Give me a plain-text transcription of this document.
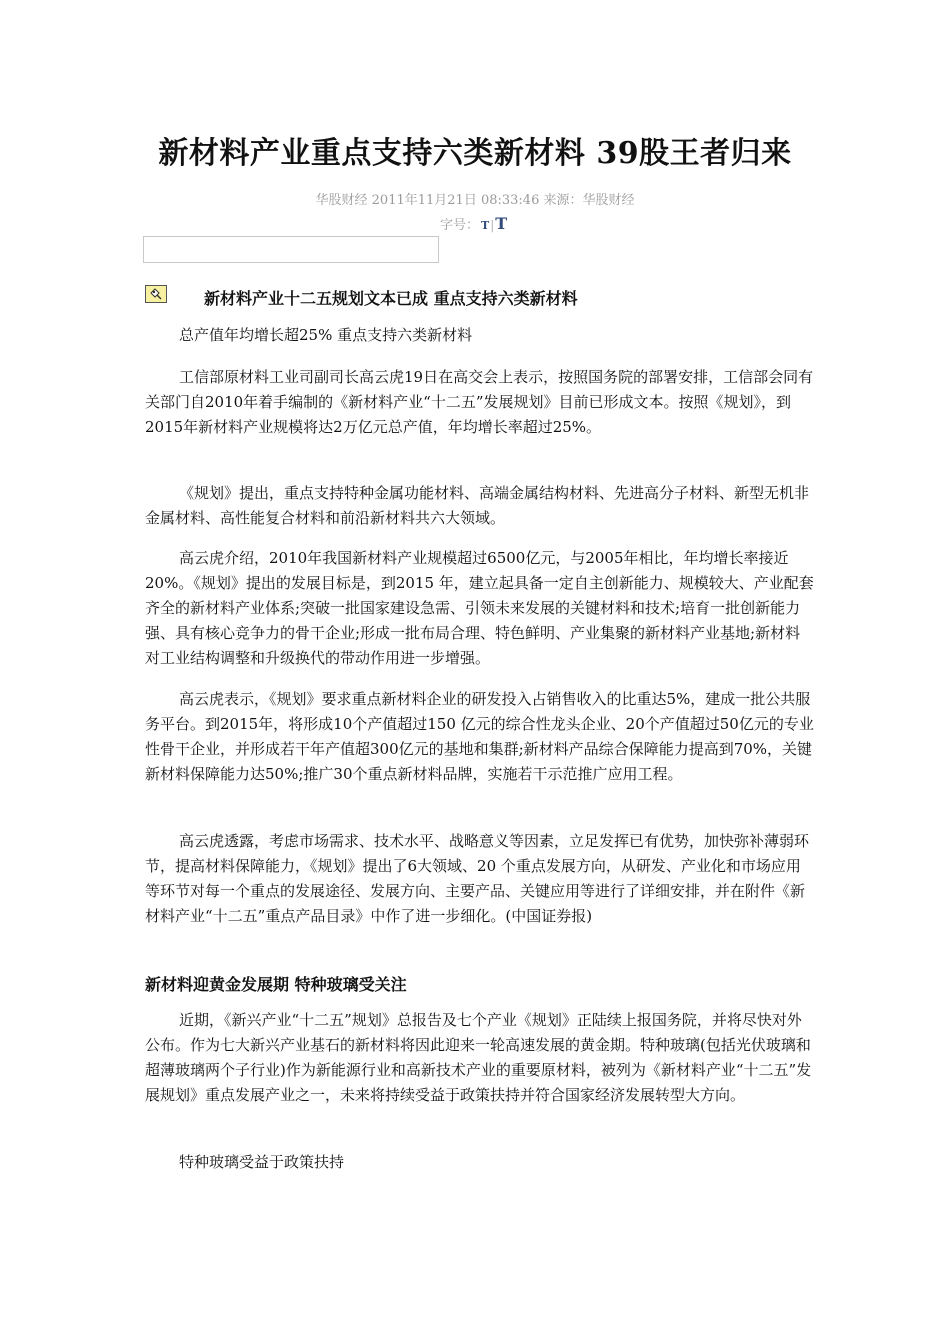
新材料产业重点支持六类新材料 39股王者归来
华股财经 2011年11月21日 08:33:46 来源：华股财经
字号： T|T
新材料产业十二五规划文本已成 重点支持六类新材料
总产值年均增长超25% 重点支持六类新材料
工信部原材料工业司副司长高云虎19日在高交会上表示，按照国务院的部署安排，工信部会同有关部门自2010年着手编制的《新材料产业“十二五”发展规划》目前已形成文本。按照《规划》，到2015年新材料产业规模将达2万亿元总产值，年均增长率超过25%。
《规划》提出，重点支持特种金属功能材料、高端金属结构材料、先进高分子材料、新型无机非金属材料、高性能复合材料和前沿新材料共六大领域。
高云虎介绍，2010年我国新材料产业规模超过6500亿元，与2005年相比，年均增长率接近20%。《规划》提出的发展目标是，到2015 年，建立起具备一定自主创新能力、规模较大、产业配套齐全的新材料产业体系;突破一批国家建设急需、引领未来发展的关键材料和技术;培育一批创新能力强、具有核心竞争力的骨干企业;形成一批布局合理、特色鲜明、产业集聚的新材料产业基地;新材料对工业结构调整和升级换代的带动作用进一步增强。
高云虎表示，《规划》要求重点新材料企业的研发投入占销售收入的比重达5%，建成一批公共服务平台。到2015年，将形成10个产值超过150 亿元的综合性龙头企业、20个产值超过50亿元的专业性骨干企业，并形成若干年产值超300亿元的基地和集群;新材料产品综合保障能力提高到70%，关键新材料保障能力达50%;推广30个重点新材料品牌，实施若干示范推广应用工程。
高云虎透露，考虑市场需求、技术水平、战略意义等因素，立足发挥已有优势，加快弥补薄弱环节，提高材料保障能力，《规划》提出了6大领域、20 个重点发展方向，从研发、产业化和市场应用等环节对每一个重点的发展途径、发展方向、主要产品、关键应用等进行了详细安排，并在附件《新材料产业“十二五”重点产品目录》中作了进一步细化。(中国证券报)
新材料迎黄金发展期 特种玻璃受关注
近期，《新兴产业“十二五”规划》总报告及七个产业《规划》正陆续上报国务院，并将尽快对外公布。作为七大新兴产业基石的新材料将因此迎来一轮高速发展的黄金期。特种玻璃(包括光伏玻璃和超薄玻璃两个子行业)作为新能源行业和高新技术产业的重要原材料，被列为《新材料产业“十二五”发展规划》重点发展产业之一，未来将持续受益于政策扶持并符合国家经济发展转型大方向。
特种玻璃受益于政策扶持
